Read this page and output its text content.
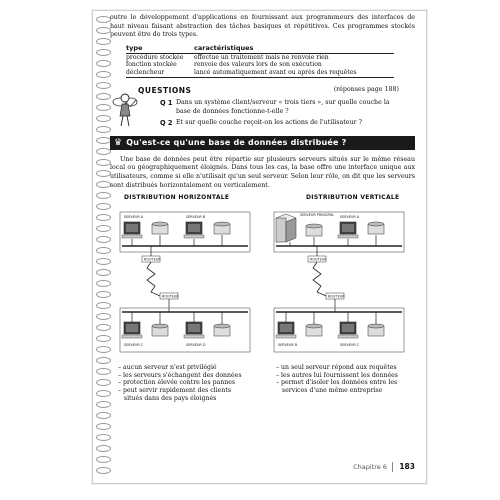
outre le développement d'applications en fournissant aux programmeurs des interfaces de haut niveau faisant abstraction des tâches basiques et répétitives. Ces programmes stockés peuvent être de trois types.

type	caractéristiques
procédure stockée	effectue un traitement mais ne renvoie rien
fonction stockée	renvoie des valeurs lors de son exécution
déclencheur	lancé automatiquement avant ou après des requêtes
QUESTIONS	(réponses page 188)
Q 1 Dans un système client/serveur « trois tiers », sur quelle couche la base de données fonctionne-t-elle ?
Q 2 Et sur quelle couche reçoit-on les actions de l'utilisateur ?
♛ Qu'est-ce qu'une base de données distribuée ?

Une base de données peut être répartie sur plusieurs serveurs situés sur le même réseau local ou géographiquement éloignés. Dans tous les cas, la base offre une interface unique aux utilisateurs, comme si elle n'utilisait qu'un seul serveur. Selon leur rôle, on dit que les serveurs sont distribués horizontalement ou verticalement.

DISTRIBUTION HORIZONTALE	DISTRIBUTION VERTICALE
SERVEUR A	SERVEUR B
ROUTEUR
ROUTEUR
SERVEUR C	SERVEUR D
SERVEUR PRINCIPAL SERVEUR A
ROUTEUR
ROUTEUR
SERVEUR B	SERVEUR C

– aucun serveur n'est privilégié

– les serveurs s'échangent des données

– protection élevée contre les pannes

– peut servir rapidement des clients

situés dans des pays éloignés

– un seul serveur répond aux requêtes

– les autres lui fournissent les données

– permet d'isoler les données entre les

services d'une même entreprise

Chapitre 6 183
